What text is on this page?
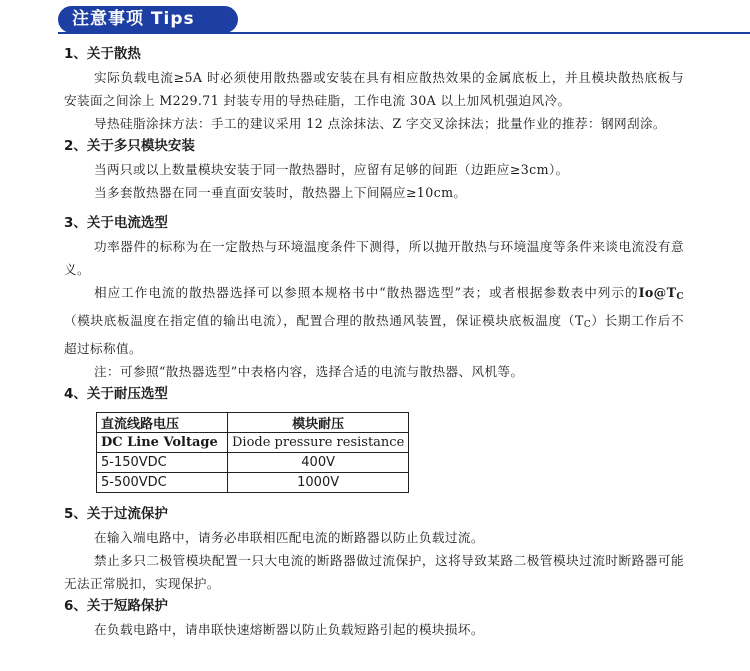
注意事项 Tips
1、关于散热

实际负载电流≥5A 时必须使用散热器或安装在具有相应散热效果的金属底板上，并且模块散热底板与安装面之间涂上 M229.71 封装专用的导热硅脂，工作电流 30A 以上加风机强迫风冷。

导热硅脂涂抹方法：手工的建议采用 12 点涂抹法、Z 字交叉涂抹法；批量作业的推荐：钢网刮涂。

2、关于多只模块安装

当两只或以上数量模块安装于同一散热器时，应留有足够的间距（边距应≥3cm）。

当多套散热器在同一垂直面安装时，散热器上下间隔应≥10cm。

3、关于电流选型

功率器件的标称为在一定散热与环境温度条件下测得，所以抛开散热与环境温度等条件来谈电流没有意义。

相应工作电流的散热器选择可以参照本规格书中“散热器选型”表；或者根据参数表中列示的$Io@T_C$（模块底板温度在指定值的输出电流），配置合理的散热通风装置，保证模块底板温度$(T_C)$长期工作后不超过标称值。

注：可参照“散热器选型”中表格内容，选择合适的电流与散热器、风机等。

4、关于耐压选型
直流线路电压	模块耐压
DC Line Voltage	Diode pressure resistance
5-150VDC	400V
5-500VDC	1000V
5、关于过流保护

在输入端电路中，请务必串联相匹配电流的断路器以防止负载过流。

禁止多只二极管模块配置一只大电流的断路器做过流保护，这将导致某路二极管模块过流时断路器可能无法正常脱扣，实现保护。

6、关于短路保护

在负载电路中，请串联快速熔断器以防止负载短路引起的模块损坏。
